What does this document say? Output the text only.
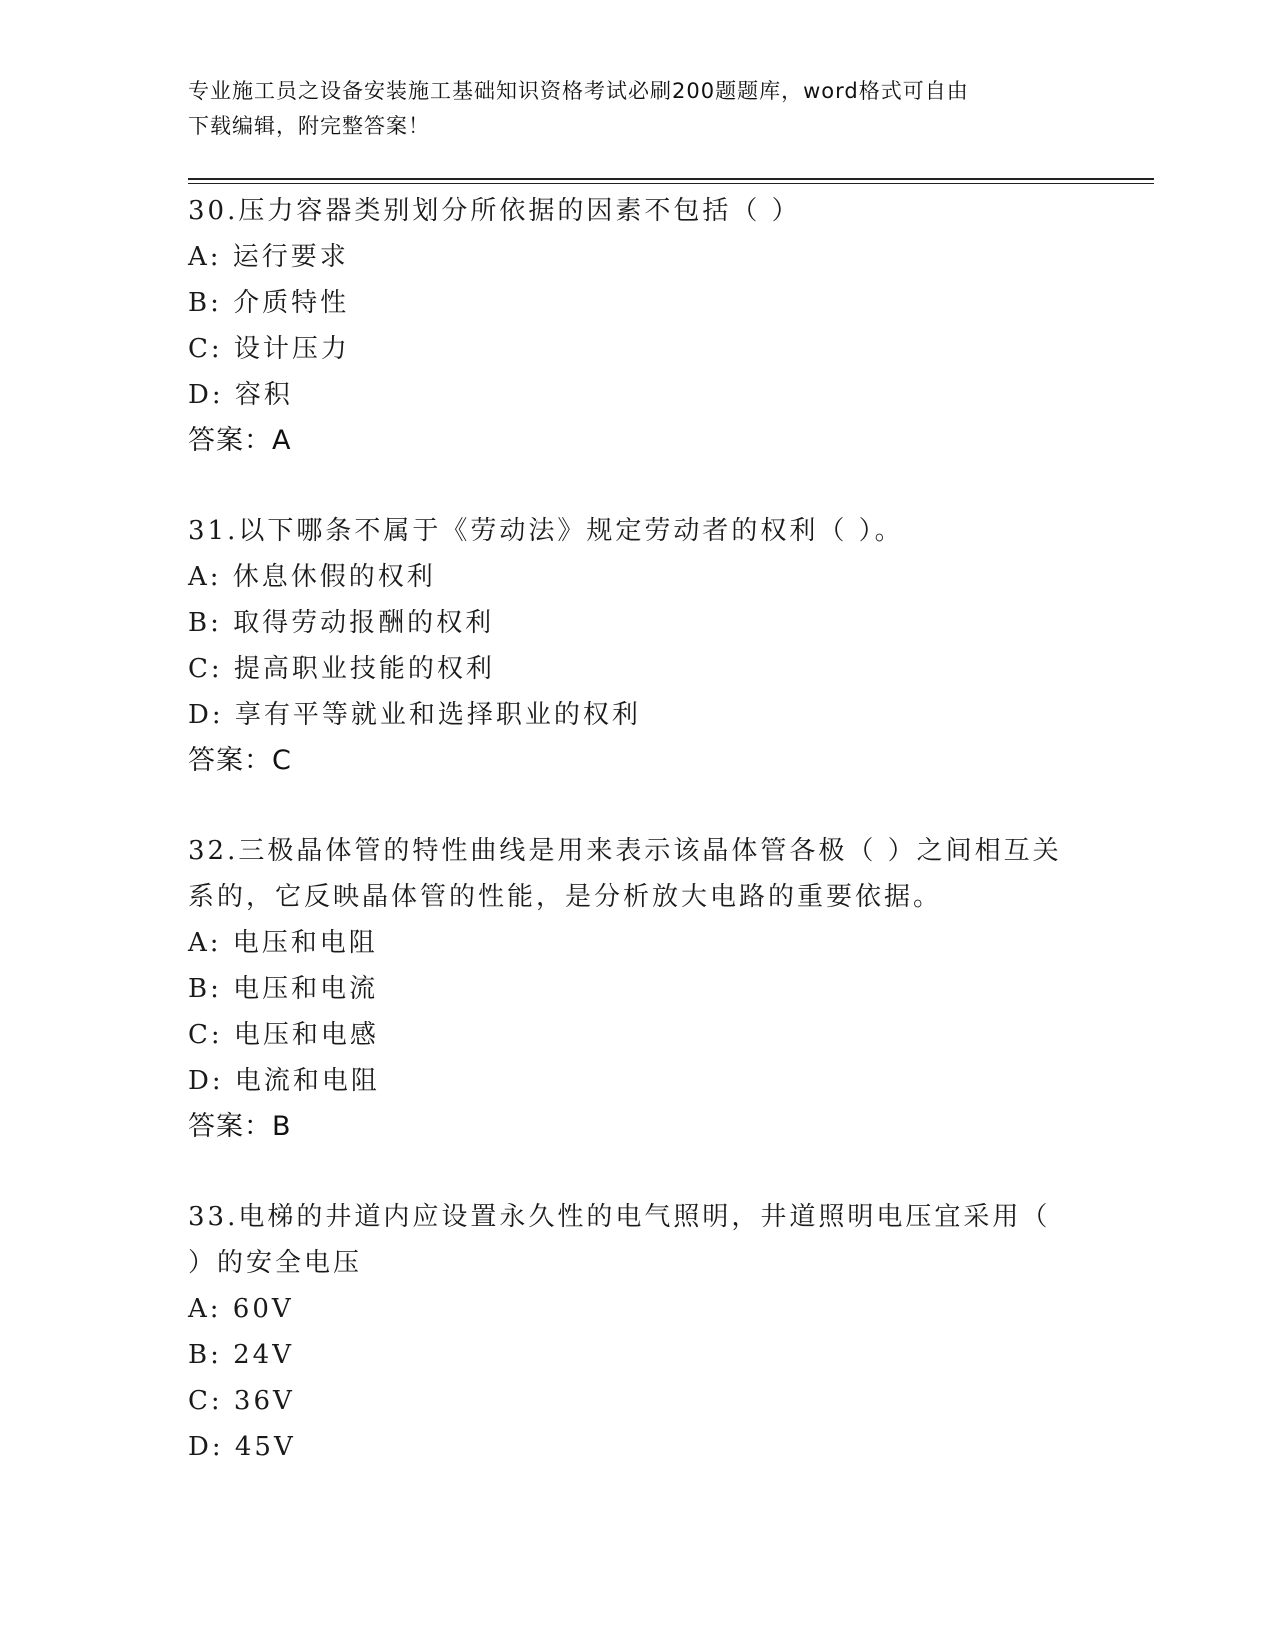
专业施工员之设备安装施工基础知识资格考试必刷200题题库，word格式可自由
下载编辑，附完整答案！
30.压力容器类别划分所依据的因素不包括（ ）
A: 运行要求
B: 介质特性
C: 设计压力
D: 容积
答案：A
31.以下哪条不属于《劳动法》规定劳动者的权利（ ）。
A: 休息休假的权利
B: 取得劳动报酬的权利
C: 提高职业技能的权利
D: 享有平等就业和选择职业的权利
答案：C
32.三极晶体管的特性曲线是用来表示该晶体管各极（ ）之间相互关
系的，它反映晶体管的性能，是分析放大电路的重要依据。
A: 电压和电阻
B: 电压和电流
C: 电压和电感
D: 电流和电阻
答案：B
33.电梯的井道内应设置永久性的电气照明，井道照明电压宜采用（
）的安全电压
A: 60V
B: 24V
C: 36V
D: 45V
